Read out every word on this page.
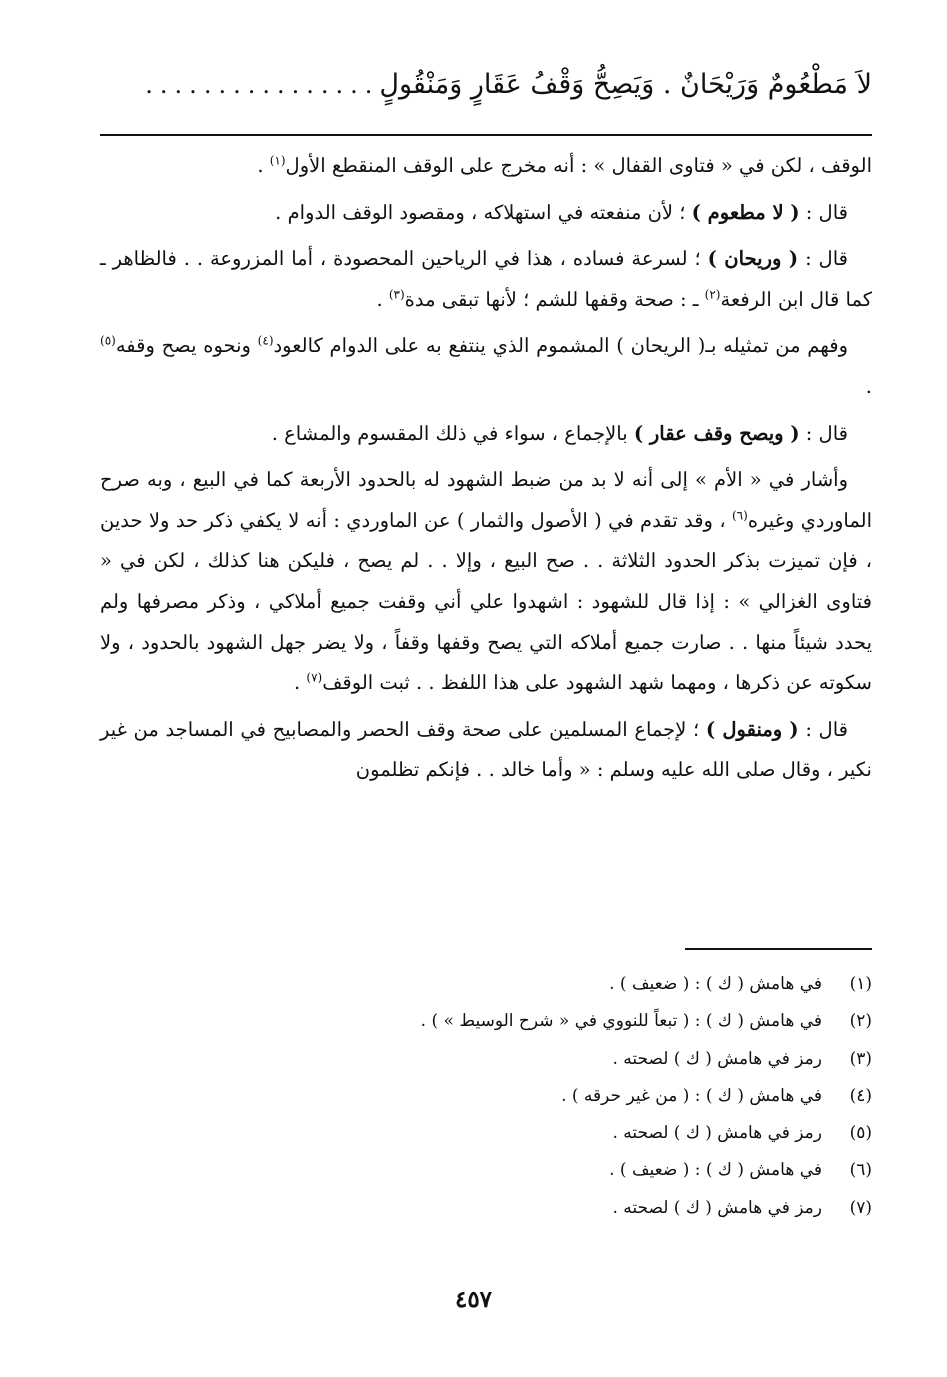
لاَ مَطْعُومٌ وَرَيْحَانٌ . وَيَصِحُّ وَقْفُ عَقَارٍ وَمَنْقُولٍ
................

الوقف ، لكن في « فتاوى القفال » : أنه مخرج على الوقف المنقطع الأول$^{(١)}$ .

قال : ( لا مطعوم ) ؛ لأن منفعته في استهلاكه ، ومقصود الوقف الدوام .

قال : ( وريحان ) ؛ لسرعة فساده ، هذا في الرياحين المحصودة ، أما المزروعة . . فالظاهر ـ كما قال ابن الرفعة$^{(٢)}$ ـ : صحة وقفها للشم ؛ لأنها تبقى مدة$^{(٣)}$ .

وفهم من تمثيله بـ( الريحان ) المشموم الذي ينتفع به على الدوام كالعود$^{(٤)}$ ونحوه يصح وقفه$^{(٥)}$ .

قال : ( ويصح وقف عقار ) بالإجماع ، سواء في ذلك المقسوم والمشاع .

وأشار في « الأم » إلى أنه لا بد من ضبط الشهود له بالحدود الأربعة كما في البيع ، وبه صرح الماوردي وغيره$^{(٦)}$ ، وقد تقدم في ( الأصول والثمار ) عن الماوردي : أنه لا يكفي ذكر حد ولا حدين ، فإن تميزت بذكر الحدود الثلاثة . . صح البيع ، وإلا . . لم يصح ، فليكن هنا كذلك ، لكن في « فتاوى الغزالي » : إذا قال للشهود : اشهدوا علي أني وقفت جميع أملاكي ، وذكر مصرفها ولم يحدد شيئاً منها . . صارت جميع أملاكه التي يصح وقفها وقفاً ، ولا يضر جهل الشهود بالحدود ، ولا سكوته عن ذكرها ، ومهما شهد الشهود على هذا اللفظ . . ثبت الوقف$^{(٧)}$ .

قال : ( ومنقول ) ؛ لإجماع المسلمين على صحة وقف الحصر والمصابيح في المساجد من غير نكير ، وقال صلى الله عليه وسلم : « وأما خالد . . فإنكم تظلمون

(١)
في هامش ( ك ) : ( ضعيف ) .
(٢)
في هامش ( ك ) : ( تبعاً للنووي في « شرح الوسيط » ) .
(٣)
رمز في هامش ( ك ) لصحته .
(٤)
في هامش ( ك ) : ( من غير حرقه ) .
(٥)
رمز في هامش ( ك ) لصحته .
(٦)
في هامش ( ك ) : ( ضعيف ) .
(٧)
رمز في هامش ( ك ) لصحته .
٤٥٧
